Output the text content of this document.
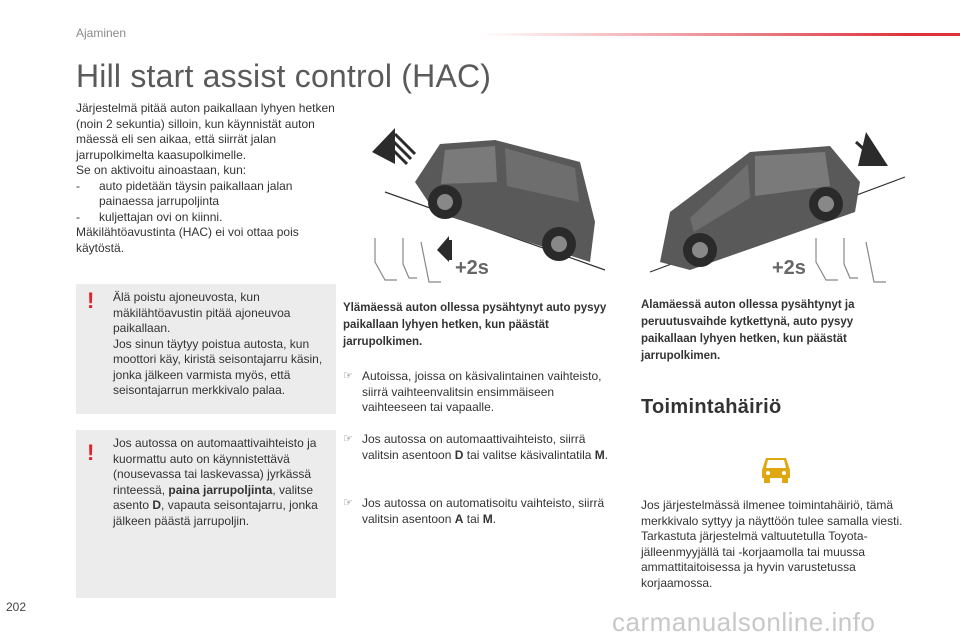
Ajaminen
Hill start assist control (HAC)

Järjestelmä pitää auton paikallaan lyhyen hetken (noin 2 sekuntia) silloin, kun käynnistät auton mäessä eli sen aikaa, että siirrät jalan jarrupolkimelta kaasupolkimelle.

Se on aktivoitu ainoastaan, kun:

-	auto pidetään täysin paikallaan jalan
painaessa jarrupoljinta
-	kuljettajan ovi on kiinni.

Mäkilähtöavustinta (HAC) ei voi ottaa pois käytöstä.

! Älä poistu ajoneuvosta, kun mäkilähtöavustin pitää ajoneuvoa paikallaan.

Jos sinun täytyy poistua autosta, kun moottori käy, kiristä seisontajarru käsin, jonka jälkeen varmista myös, että seisontajarrun merkkivalo palaa.

! Jos autossa on automaattivaihteisto ja kuormattu auto on käynnistettävä (nousevassa tai laskevassa) jyrkässä rinteessä, paina jarrupoljinta, valitse asento D, vapauta seisontajarru, jonka jälkeen päästä jarrupoljin.
+2s	+2s
Ylämäessä auton ollessa pysähtynyt auto pysyy paikallaan lyhyen hetken, kun päästät jarrupolkimen.
Alamäessä auton ollessa pysähtynyt ja peruutusvaihde kytkettynä, auto pysyy paikallaan lyhyen hetken, kun päästät jarrupolkimen.
☞ Autoissa, joissa on käsivalintainen vaihteisto, siirrä vaihteenvalitsin ensimmäiseen vaihteeseen tai vapaalle.
☞ Jos autossa on automaattivaihteisto, siirrä valitsin asentoon D tai valitse käsivalintatila M.
☞ Jos autossa on automatisoitu vaihteisto, siirrä valitsin asentoon A tai M.
Toimintahäiriö
Jos järjestelmässä ilmenee toimintahäiriö, tämä merkkivalo syttyy ja näyttöön tulee samalla viesti. Tarkastuta järjestelmä valtuutetulla Toyota-jälleenmyyjällä tai -korjaamolla tai muussa ammattitaitoisessa ja hyvin varustetussa korjaamossa.
202	carmanualsonline.info
